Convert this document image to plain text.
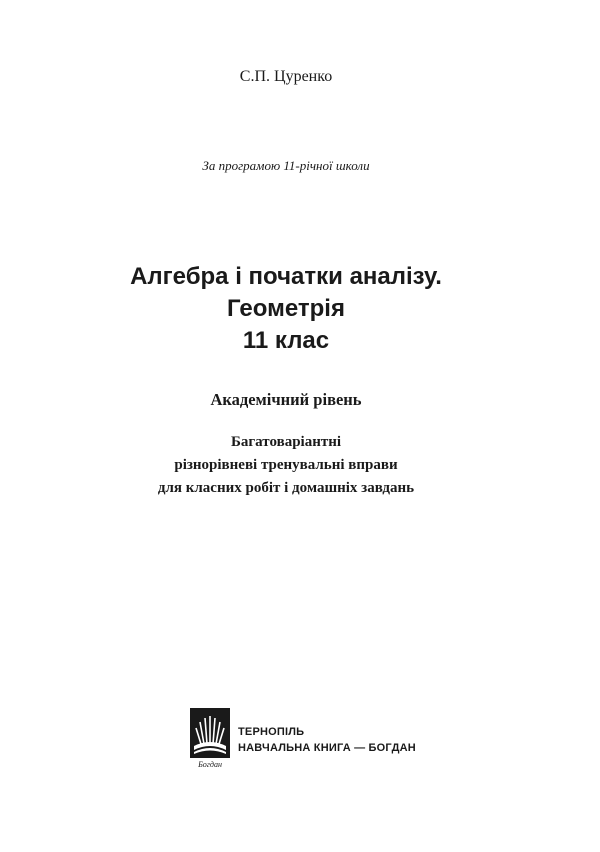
С.П. Цуренко
За програмою 11-річної школи
Алгебра і початки аналізу.
Геометрія
11 клас
Академічний рівень
Багатоваріантні
різнорівневі тренувальні вправи
для класних робіт і домашніх завдань
Богдан
ТЕРНОПІЛЬ
НАВЧАЛЬНА КНИГА — БОГДАН
